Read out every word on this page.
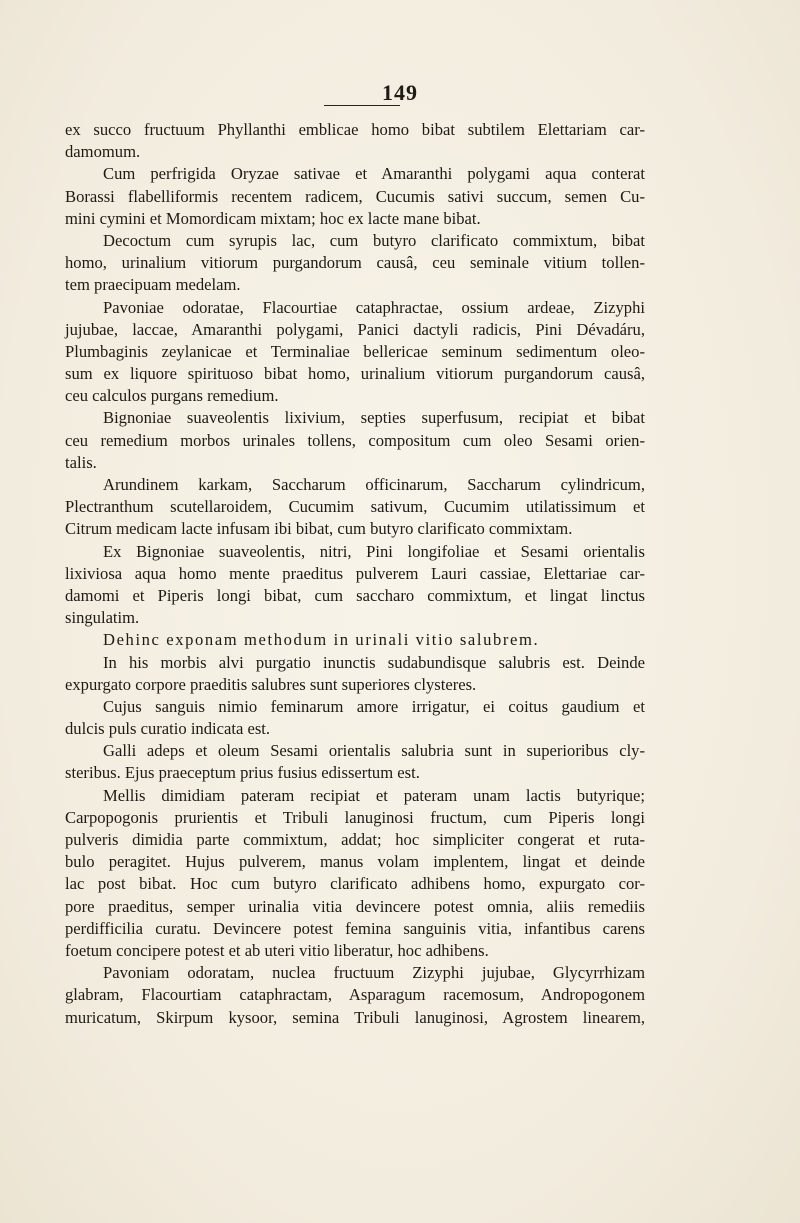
149
ex succo fructuum Phyllanthi emblicae homo bibat subtilem Elettariam car-
damomum.
Cum perfrigida Oryzae sativae et Amaranthi polygami aqua conterat
Borassi flabelliformis recentem radicem, Cucumis sativi succum, semen Cu-
mini cymini et Momordicam mixtam; hoc ex lacte mane bibat.
Decoctum cum syrupis lac, cum butyro clarificato commixtum, bibat
homo, urinalium vitiorum purgandorum causâ, ceu seminale vitium tollen-
tem praecipuam medelam.
Pavoniae odoratae, Flacourtiae cataphractae, ossium ardeae, Zizyphi
jujubae, laccae, Amaranthi polygami, Panici dactyli radicis, Pini Dévadáru,
Plumbaginis zeylanicae et Terminaliae bellericae seminum sedimentum oleo-
sum ex liquore spirituoso bibat homo, urinalium vitiorum purgandorum causâ,
ceu calculos purgans remedium.
Bignoniae suaveolentis lixivium, septies superfusum, recipiat et bibat
ceu remedium morbos urinales tollens, compositum cum oleo Sesami orien-
talis.
Arundinem karkam, Saccharum officinarum, Saccharum cylindricum,
Plectranthum scutellaroidem, Cucumim sativum, Cucumim utilatissimum et
Citrum medicam lacte infusam ibi bibat, cum butyro clarificato commixtam.
Ex Bignoniae suaveolentis, nitri, Pini longifoliae et Sesami orientalis
lixiviosa aqua homo mente praeditus pulverem Lauri cassiae, Elettariae car-
damomi et Piperis longi bibat, cum saccharo commixtum, et lingat linctus
singulatim.
Dehinc exponam methodum in urinali vitio salubrem.
In his morbis alvi purgatio inunctis sudabundisque salubris est. Deinde
expurgato corpore praeditis salubres sunt superiores clysteres.
Cujus sanguis nimio feminarum amore irrigatur, ei coitus gaudium et
dulcis puls curatio indicata est.
Galli adeps et oleum Sesami orientalis salubria sunt in superioribus cly-
steribus. Ejus praeceptum prius fusius edissertum est.
Mellis dimidiam pateram recipiat et pateram unam lactis butyrique;
Carpopogonis prurientis et Tribuli lanuginosi fructum, cum Piperis longi
pulveris dimidia parte commixtum, addat; hoc simpliciter congerat et ruta-
bulo peragitet. Hujus pulverem, manus volam implentem, lingat et deinde
lac post bibat. Hoc cum butyro clarificato adhibens homo, expurgato cor-
pore praeditus, semper urinalia vitia devincere potest omnia, aliis remediis
perdifficilia curatu. Devincere potest femina sanguinis vitia, infantibus carens
foetum concipere potest et ab uteri vitio liberatur, hoc adhibens.
Pavoniam odoratam, nuclea fructuum Zizyphi jujubae, Glycyrrhizam
glabram, Flacourtiam cataphractam, Asparagum racemosum, Andropogonem
muricatum, Skirpum kysoor, semina Tribuli lanuginosi, Agrostem linearem,
